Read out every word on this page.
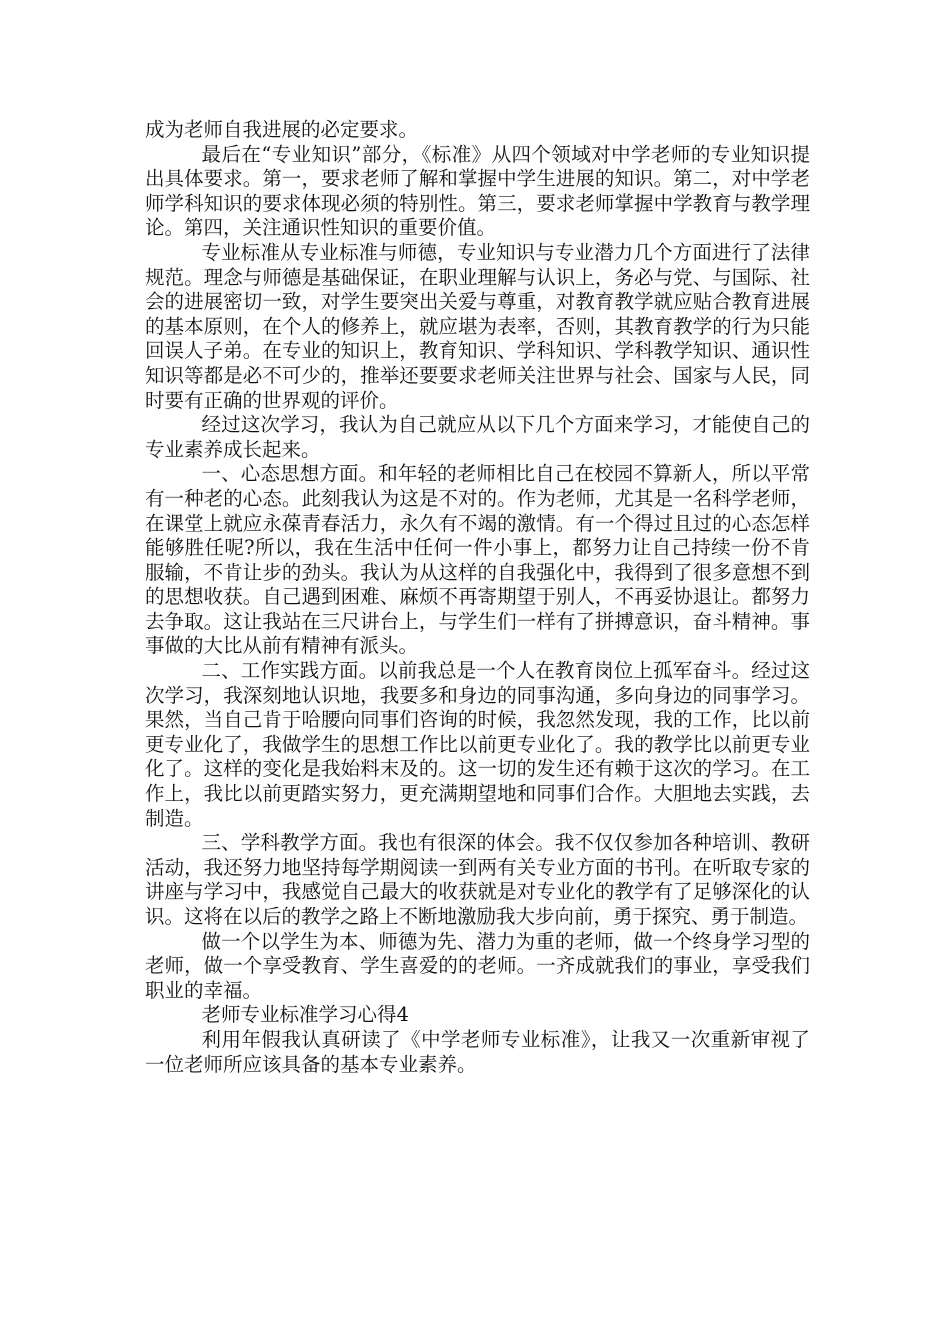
成为老师自我进展的必定要求。

最后在“专业知识”部分，《标准》从四个领域对中学老师的专业知识提出具体要求。第一，要求老师了解和掌握中学生进展的知识。第二，对中学老师学科知识的要求体现必须的特别性。第三，要求老师掌握中学教育与教学理论。第四，关注通识性知识的重要价值。

专业标准从专业标准与师德，专业知识与专业潜力几个方面进行了法律规范。理念与师德是基础保证，在职业理解与认识上，务必与党、与国际、社会的进展密切一致，对学生要突出关爱与尊重，对教育教学就应贴合教育进展的基本原则，在个人的修养上，就应堪为表率，否则，其教育教学的行为只能回误人子弟。在专业的知识上，教育知识、学科知识、学科教学知识、通识性知识等都是必不可少的，推举还要要求老师关注世界与社会、国家与人民，同时要有正确的世界观的评价。

经过这次学习，我认为自己就应从以下几个方面来学习，才能使自己的专业素养成长起来。

一、心态思想方面。和年轻的老师相比自己在校园不算新人，所以平常有一种老的心态。此刻我认为这是不对的。作为老师，尤其是一名科学老师，在课堂上就应永葆青春活力，永久有不竭的激情。有一个得过且过的心态怎样能够胜任呢?所以，我在生活中任何一件小事上，都努力让自己持续一份不肯服输，不肯让步的劲头。我认为从这样的自我强化中，我得到了很多意想不到的思想收获。自己遇到困难、麻烦不再寄期望于别人，不再妥协退让。都努力去争取。这让我站在三尺讲台上，与学生们一样有了拼搏意识，奋斗精神。事事做的大比从前有精神有派头。

二、工作实践方面。以前我总是一个人在教育岗位上孤军奋斗。经过这次学习，我深刻地认识地，我要多和身边的同事沟通，多向身边的同事学习。果然，当自己肯于哈腰向同事们咨询的时候，我忽然发现，我的工作，比以前更专业化了，我做学生的思想工作比以前更专业化了。我的教学比以前更专业化了。这样的变化是我始料末及的。这一切的发生还有赖于这次的学习。在工作上，我比以前更踏实努力，更充满期望地和同事们合作。大胆地去实践，去制造。

三、学科教学方面。我也有很深的体会。我不仅仅参加各种培训、教研活动，我还努力地坚持每学期阅读一到两有关专业方面的书刊。在听取专家的讲座与学习中，我感觉自己最大的收获就是对专业化的教学有了足够深化的认识。这将在以后的教学之路上不断地激励我大步向前，勇于探究、勇于制造。

做一个以学生为本、师德为先、潜力为重的老师，做一个终身学习型的老师，做一个享受教育、学生喜爱的的老师。一齐成就我们的事业，享受我们职业的幸福。

老师专业标准学习心得4

利用年假我认真研读了《中学老师专业标准》，让我又一次重新审视了一位老师所应该具备的基本专业素养。
